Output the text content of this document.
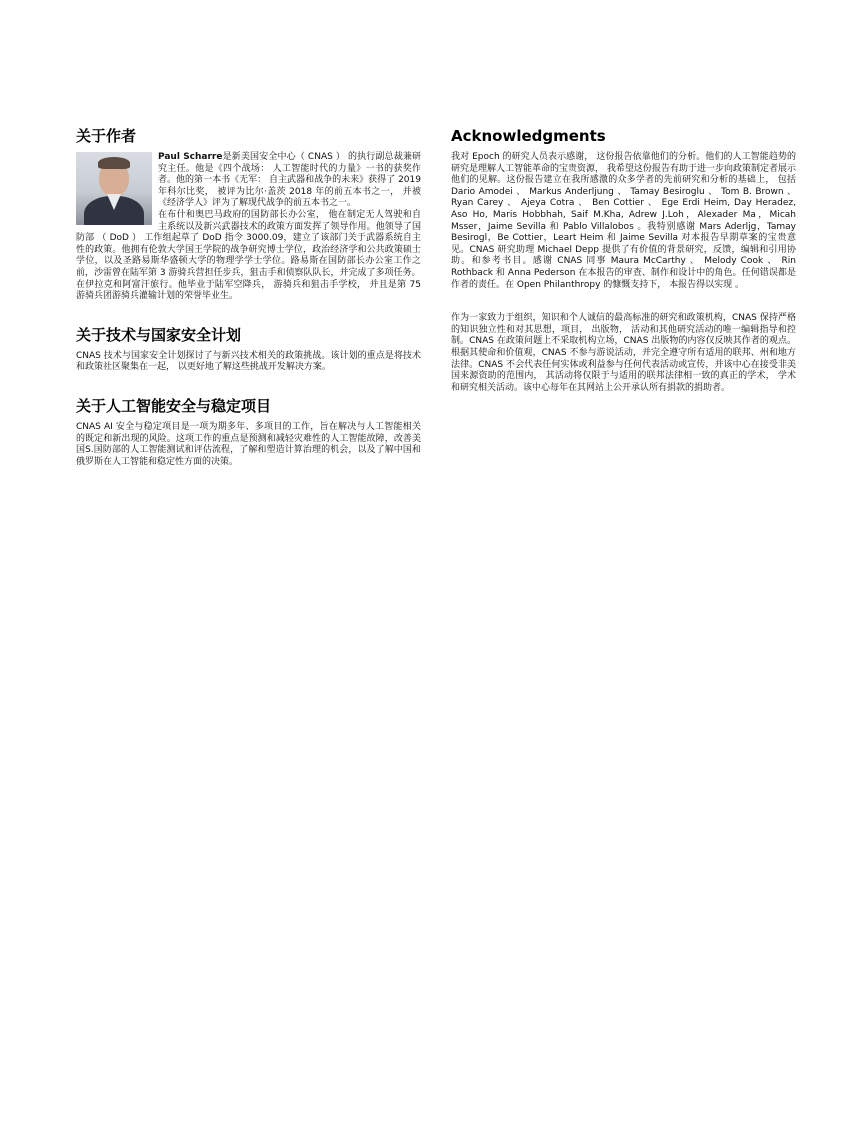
关于作者

Paul Scharre是新美国安全中心（ CNAS ） 的执行副总裁兼研究主任。他是《四个战场： 人工智能时代的力量》一书的获奖作者。他的第一本书《无军： 自主武器和战争的未来》获得了 2019 年科尔比奖， 被评为比尔·盖茨 2018 年的前五本书之一， 并被《经济学人》评为了解现代战争的前五本书之一。

在布什和奥巴马政府的国防部长办公室， 他在制定无人驾驶和自主系统以及新兴武器技术的政策方面发挥了领导作用。他领导了国防部 （ DoD ） 工作组起草了 DoD 指令 3000.09，建立了该部门关于武器系统自主性的政策。他拥有伦敦大学国王学院的战争研究博士学位，政治经济学和公共政策硕士学位，以及圣路易斯华盛顿大学的物理学学士学位。路易斯在国防部长办公室工作之前，沙雷曾在陆军第 3 游骑兵营担任步兵，狙击手和侦察队队长，并完成了多项任务。

在伊拉克和阿富汗旅行。他毕业于陆军空降兵， 游骑兵和狙击手学校， 并且是第 75 游骑兵团游骑兵灌输计划的荣誉毕业生。

关于技术与国家安全计划

CNAS 技术与国家安全计划探讨了与新兴技术相关的政策挑战。该计划的重点是将技术和政策社区聚集在一起， 以更好地了解这些挑战开发解决方案。

关于人工智能安全与稳定项目

CNAS AI 安全与稳定项目是一项为期多年、多项目的工作，旨在解决与人工智能相关的既定和新出现的风险。这项工作的重点是预测和减轻灾难性的人工智能故障，改善美国S.国防部的人工智能测试和评估流程，了解和塑造计算治理的机会，以及了解中国和俄罗斯在人工智能和稳定性方面的决策。

Acknowledgments

我对 Epoch 的研究人员表示感谢， 这份报告依靠他们的分析。他们的人工智能趋势的研究是理解人工智能革命的宝贵资源， 我希望这份报告有助于进一步向政策制定者展示他们的见解。这份报告建立在我所感激的众多学者的先前研究和分析的基础上， 包括 Dario Amodei 、 Markus Anderljung 、 Tamay Besiroglu 、 Tom B. Brown 、 Ryan Carey 、 Ajeya Cotra 、 Ben Cottier 、 Ege Erdi Heim, Day Heradez, Aso Ho, Maris Hobbhah, Saif M.Kha, Adrew J.Loh，Alexader Ma，Micah Msser，Jaime Sevilla 和 Pablo Villalobos 。我特别感谢 Mars Aderljg，Tamay Besirogl，Be Cottier，Leart Heim 和 Jaime Sevilla 对本报告早期草案的宝贵意见。CNAS 研究助理 Michael Depp 提供了有价值的背景研究，反馈，编辑和引用协助。和参考书目。感谢 CNAS 同事 Maura McCarthy 、 Melody Cook 、 Rin Rothback 和 Anna Pederson 在本报告的审查、制作和设计中的角色。任何错误都是作者的责任。在 Open Philanthropy 的慷慨支持下， 本报告得以实现 。

作为一家致力于组织，知识和个人诚信的最高标准的研究和政策机构，CNAS 保持严格的知识独立性和对其思想，项目， 出版物， 活动和其他研究活动的唯一编辑指导和控制。CNAS 在政策问题上不采取机构立场，CNAS 出版物的内容仅反映其作者的观点。根据其使命和价值观，CNAS 不参与游说活动，并完全遵守所有适用的联邦、州和地方法律。CNAS 不会代表任何实体或利益参与任何代表活动或宣传，并该中心在接受非美国来源资助的范围内， 其活动将仅限于与适用的联邦法律相一致的真正的学术， 学术和研究相关活动。该中心每年在其网站上公开承认所有捐款的捐助者。
